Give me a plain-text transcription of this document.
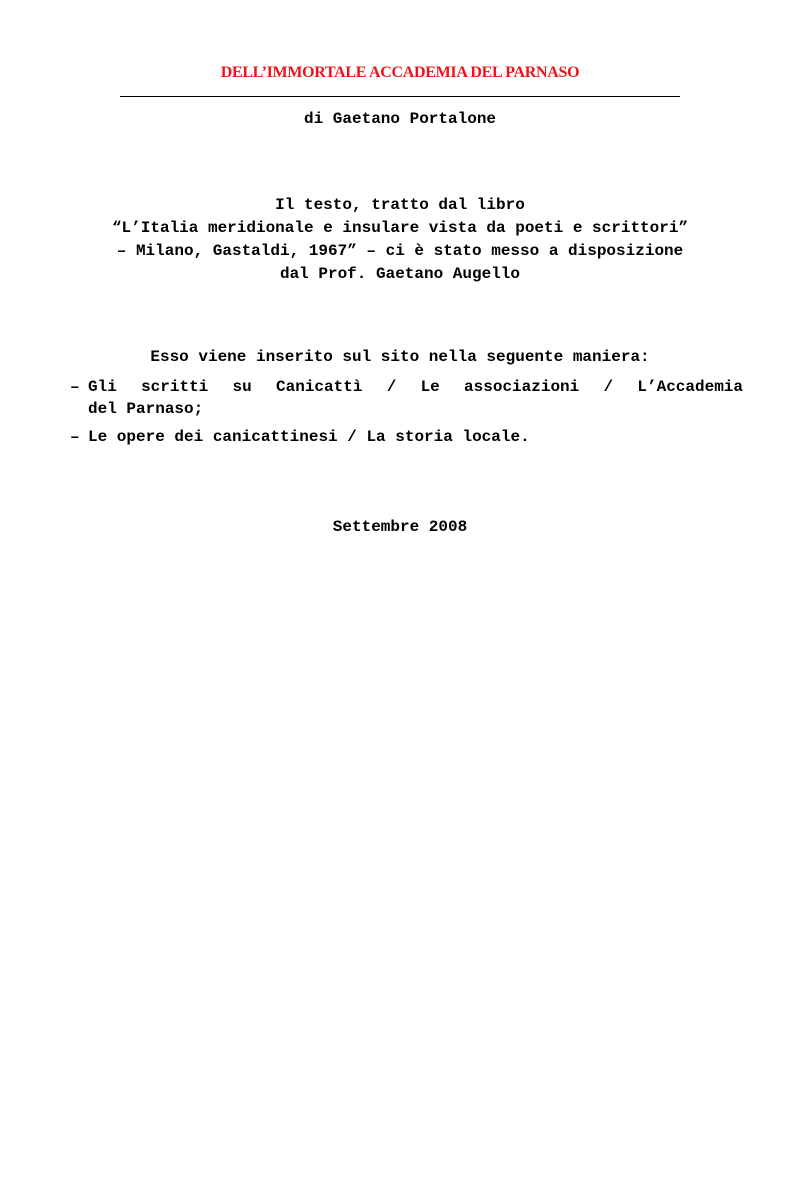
DELL’IMMORTALE ACCADEMIA DEL PARNASO
di Gaetano Portalone
Il testo, tratto dal libro
“L’Italia meridionale e insulare vista da poeti e scrittori”
– Milano, Gastaldi, 1967” – ci è stato messo a disposizione
dal Prof. Gaetano Augello
Esso viene inserito sul sito nella seguente maniera:
– Gli scritti su Canicattì / Le associazioni / L’Accademia
del Parnaso;
– Le opere dei canicattinesi / La storia locale.
Settembre 2008
